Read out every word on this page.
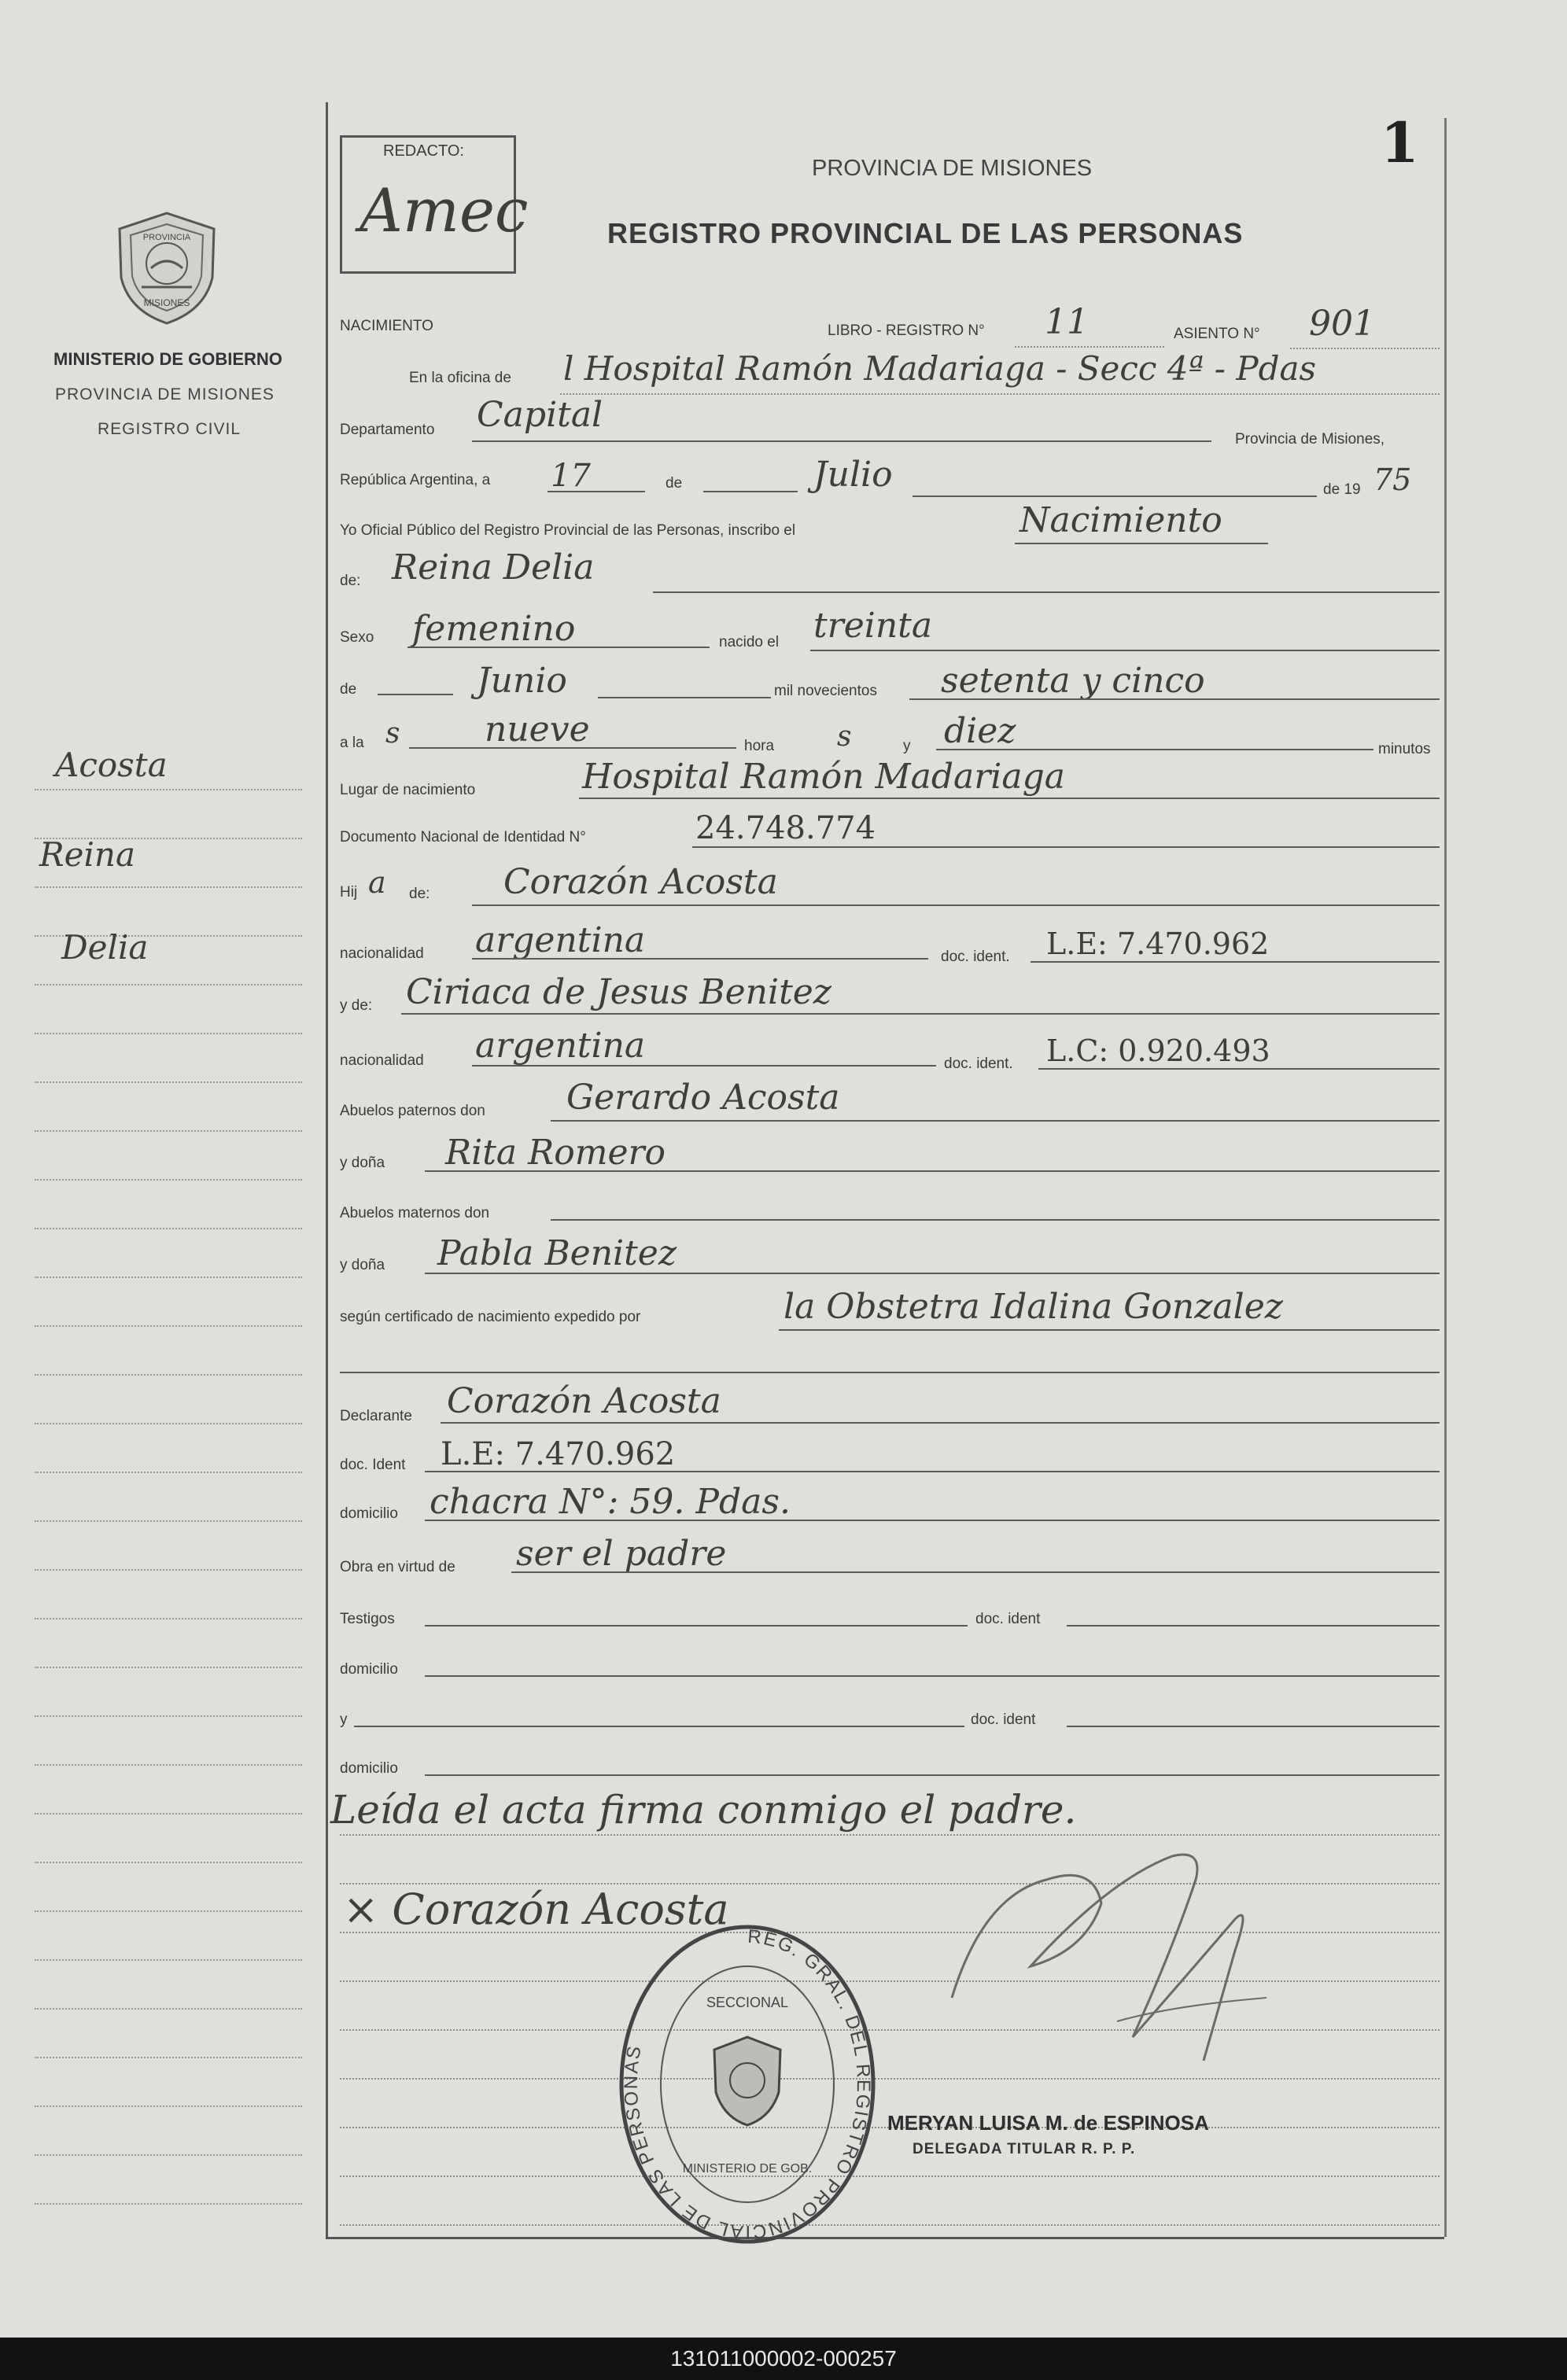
1
REDACTO:
Amec
PROVINCIA DE MISIONES
REGISTRO PROVINCIAL DE LAS PERSONAS
PROVINCIA
MISIONES
MINISTERIO DE GOBIERNO
PROVINCIA DE MISIONES
REGISTRO CIVIL
Acosta
Reina
Delia
NACIMIENTO	LIBRO - REGISTRO N° 11	ASIENTO N° 901
En la oficina de l Hospital Ramón Madariaga - Secc 4ª - Pdas
Departamento Capital
Provincia de Misiones,
República Argentina, a 17	de	Julio	de 19 75
Yo Oficial Público del Registro Provincial de las Personas, inscribo el	Nacimiento
de: Reina Delia
Sexo femenino	nacido el treinta
de	Junio	mil novecientos setenta y cinco
a la s nueve	hora s	y diez	minutos
Lugar de nacimiento	Hospital Ramón Madariaga
Documento Nacional de Identidad N°	24.748.774
Hij a de: Corazón Acosta
nacionalidad argentina	doc. ident. L.E: 7.470.962
y de: Ciriaca de Jesus Benitez
nacionalidad argentina	doc. ident. L.C: 0.920.493
Abuelos paternos don Gerardo Acosta
y doña Rita Romero
Abuelos maternos don
y doña Pabla Benitez
según certificado de nacimiento expedido por	la Obstetra Idalina Gonzalez
Declarante Corazón Acosta
doc. Ident L.E: 7.470.962
domicilio chacra N°: 59. Pdas.
Obra en virtud de ser el padre
Testigos	doc. ident
domicilio
y	doc. ident
domicilio
Leída el acta firma conmigo el padre.
× Corazón Acosta
REG. GRAL. DEL REGISTRO PROVINCIAL DE LAS PERSONAS
SECCIONAL
MINISTERIO DE GOB.
MERYAN LUISA M. de ESPINOSA
DELEGADA TITULAR R. P. P.
131011000002-000257
